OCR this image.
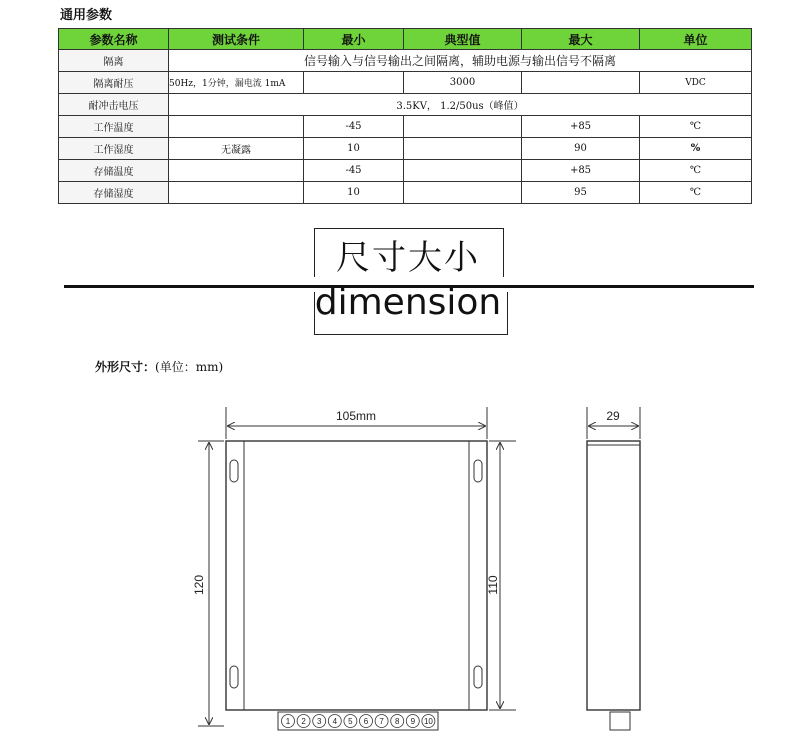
通用参数
参数名称	测试条件	最小	典型值	最大	单位
隔离	信号输入与信号输出之间隔离，辅助电源与输出信号不隔离				
隔离耐压	50Hz，1分钟，漏电流 1mA		3000		VDC
耐冲击电压	3.5KV， 1.2/50us（峰值）				
工作温度		-45		+85	℃
工作湿度	无凝露	10		90	%
存储温度		-45		+85	℃
存储湿度		10		95	℃
尺寸大小
dimension
外形尺寸：(单位：mm)
105mm	29
120	110
1 2 3 4 5 6 7 8 9 10
